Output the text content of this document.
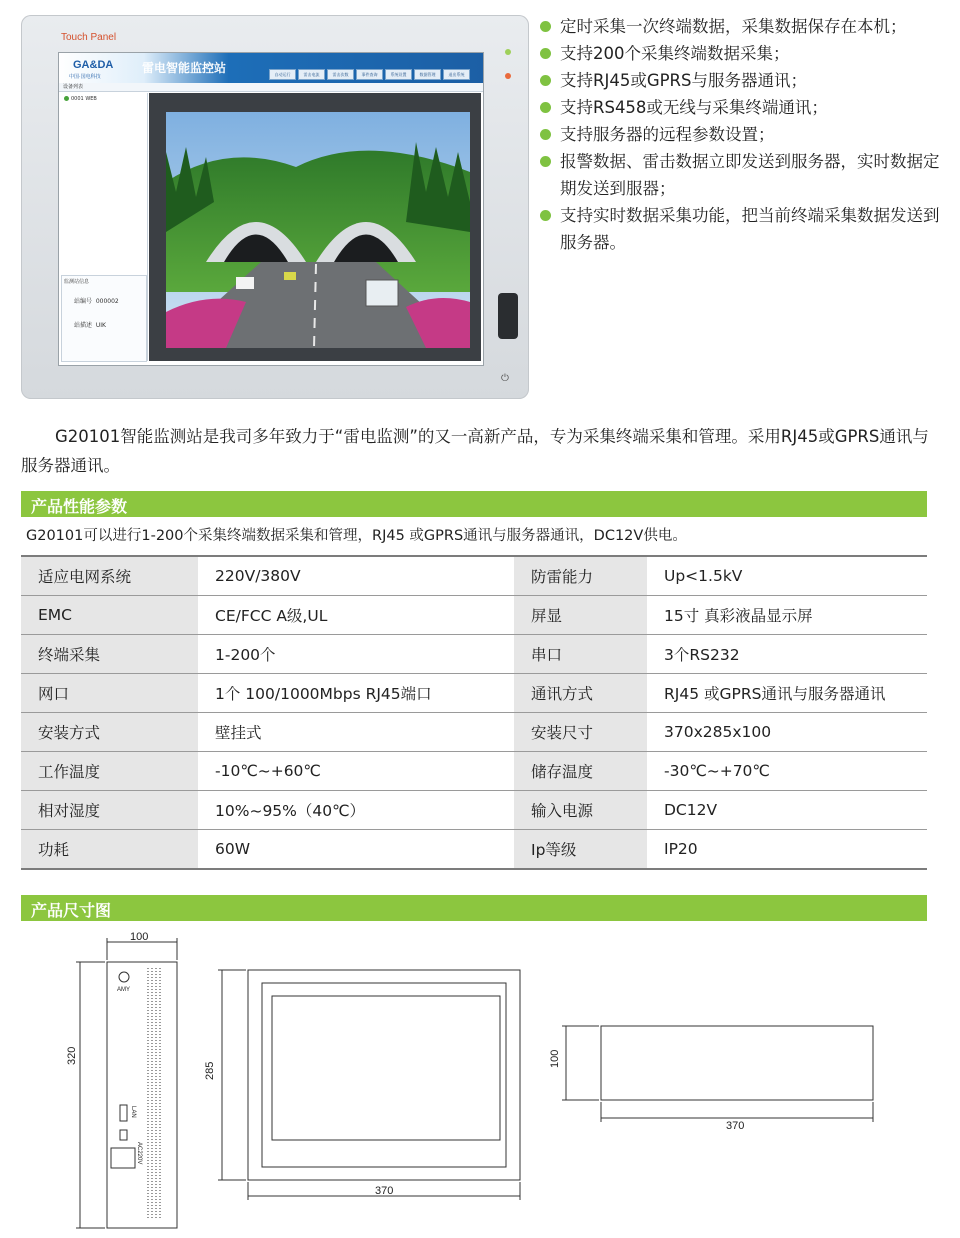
Touch Panel
GA&DA
中国·国电科技
雷电智能监控站	自动运行	雷击电流	雷击次数	事件查询	系统设置	数据管理	退出系统
设备列表
0001 WEB
监测站信息
站编号 000002
站描述 UIK
⏻
定时采集一次终端数据，采集数据保存在本机；
支持200个采集终端数据采集；
支持RJ45或GPRS与服务器通讯；
支持RS458或无线与采集终端通讯；
支持服务器的远程参数设置；
报警数据、雷击数据立即发送到服务器，实时数据定期发送到服器；
支持实时数据采集功能，把当前终端采集数据发送到服务器。

G20101智能监测站是我司多年致力于“雷电监测”的又一高新产品，专为采集终端采集和管理。采用RJ45或GPRS通讯与服务器通讯。

产品性能参数
G20101可以进行1-200个采集终端数据采集和管理，RJ45 或GPRS通讯与服务器通讯，DC12V供电。
适应电网系统	220V/380V	防雷能力	Up<1.5kV
EMC	CE/FCC A级,UL	屏显	15寸 真彩液晶显示屏
终端采集	1-200个	串口	3个RS232
网口	1个 100/1000Mbps RJ45端口	通讯方式	RJ45 或GPRS通讯与服务器通讯
安装方式	壁挂式	安装尺寸	370x285x100
工作温度	-10℃~+60℃	储存温度	-30℃~+70℃
相对湿度	10%~95%（40℃）	输入电源	DC12V
功耗	60W	Ip等级	IP20
产品尺寸图
100
320
AMY
LAN
AC220V
285
370
100
370
